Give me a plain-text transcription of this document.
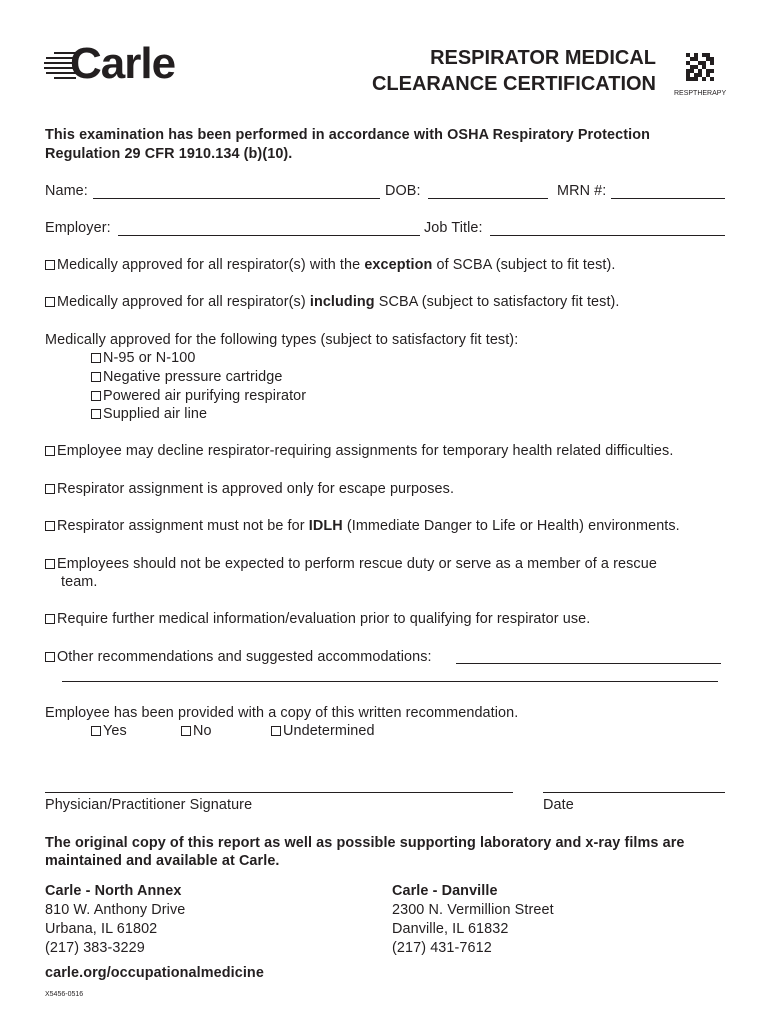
Carle	RESPIRATOR MEDICAL
CLEARANCE CERTIFICATION	RESPTHERAPY
This examination has been performed in accordance with OSHA Respiratory Protection
Regulation 29 CFR 1910.134 (b)(10).
Name:	DOB:	MRN #:
Employer:	Job Title:
Medically approved for all respirator(s) with the exception of SCBA (subject to fit test).
Medically approved for all respirator(s) including SCBA (subject to satisfactory fit test).
Medically approved for the following types (subject to satisfactory fit test):
N-95 or N-100
Negative pressure cartridge
Powered air purifying respirator
Supplied air line
Employee may decline respirator-requiring assignments for temporary health related difficulties.
Respirator assignment is approved only for escape purposes.
Respirator assignment must not be for IDLH (Immediate Danger to Life or Health) environments.
Employees should not be expected to perform rescue duty or serve as a member of a rescue
team.
Require further medical information/evaluation prior to qualifying for respirator use.
Other recommendations and suggested accommodations:
Employee has been provided with a copy of this written recommendation.
Yes	No	Undetermined
Physician/Practitioner Signature	Date
The original copy of this report as well as possible supporting laboratory and x-ray films are
maintained and available at Carle.
Carle - North Annex
810 W. Anthony Drive
Urbana, IL 61802
(217) 383-3229
Carle - Danville
2300 N. Vermillion Street
Danville, IL 61832
(217) 431-7612
carle.org/occupationalmedicine
X5456-0516
